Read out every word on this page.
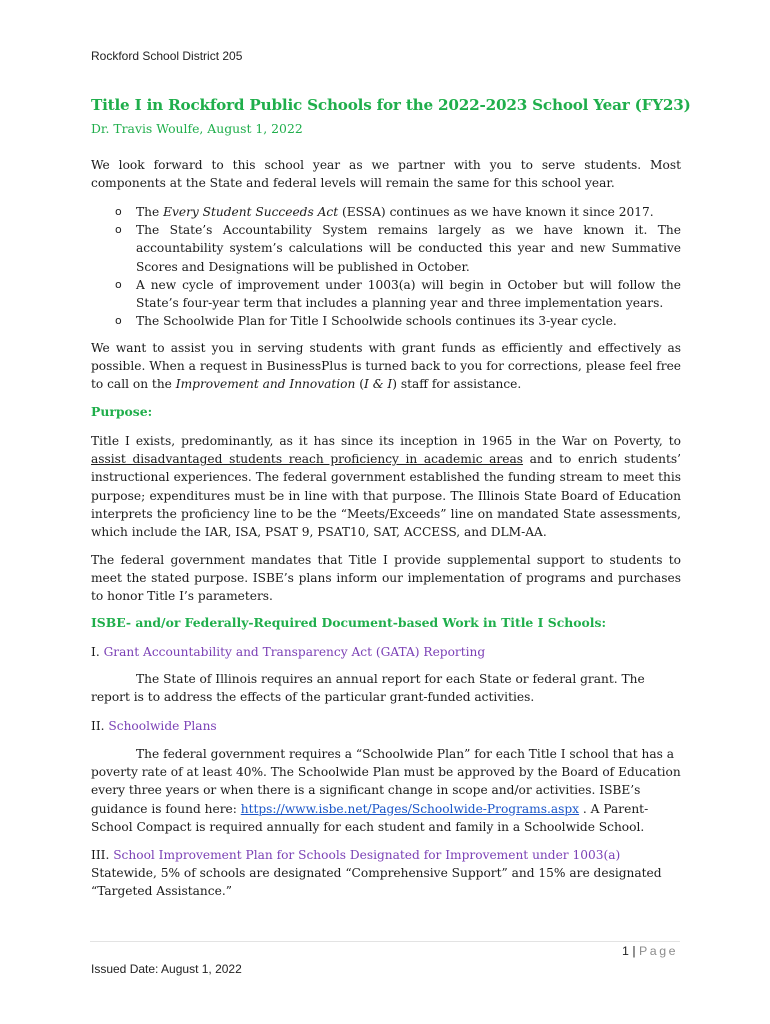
Rockford School District 205
Title I in Rockford Public Schools for the 2022-2023 School Year (FY23)
Dr. Travis Woulfe, August 1, 2022
We look forward to this school year as we partner with you to serve students. Most components at the State and federal levels will remain the same for this school year.
o The Every Student Succeeds Act (ESSA) continues as we have known it since 2017.
o The State’s Accountability System remains largely as we have known it. The accountability system’s calculations will be conducted this year and new Summative Scores and Designations will be published in October.
o A new cycle of improvement under 1003(a) will begin in October but will follow the State’s four-year term that includes a planning year and three implementation years.
o The Schoolwide Plan for Title I Schoolwide schools continues its 3-year cycle.
We want to assist you in serving students with grant funds as efficiently and effectively as possible. When a request in BusinessPlus is turned back to you for corrections, please feel free to call on the Improvement and Innovation (I & I) staff for assistance.
Purpose:
Title I exists, predominantly, as it has since its inception in 1965 in the War on Poverty, to assist disadvantaged students reach proficiency in academic areas and to enrich students’ instructional experiences. The federal government established the funding stream to meet this purpose; expenditures must be in line with that purpose. The Illinois State Board of Education interprets the proficiency line to be the “Meets/Exceeds” line on mandated State assessments, which include the IAR, ISA, PSAT 9, PSAT10, SAT, ACCESS, and DLM-AA.
The federal government mandates that Title I provide supplemental support to students to meet the stated purpose. ISBE’s plans inform our implementation of programs and purchases to honor Title I’s parameters.
ISBE- and/or Federally-Required Document-based Work in Title I Schools:
I. Grant Accountability and Transparency Act (GATA) Reporting
The State of Illinois requires an annual report for each State or federal grant. The report is to address the effects of the particular grant-funded activities.
II. Schoolwide Plans
The federal government requires a “Schoolwide Plan” for each Title I school that has a poverty rate of at least 40%. The Schoolwide Plan must be approved by the Board of Education every three years or when there is a significant change in scope and/or activities. ISBE’s guidance is found here: https://www.isbe.net/Pages/Schoolwide-Programs.aspx . A Parent-School Compact is required annually for each student and family in a Schoolwide School.
III. School Improvement Plan for Schools Designated for Improvement under 1003(a) Statewide, 5% of schools are designated “Comprehensive Support” and 15% are designated “Targeted Assistance.”
1 | Page
Issued Date: August 1, 2022
